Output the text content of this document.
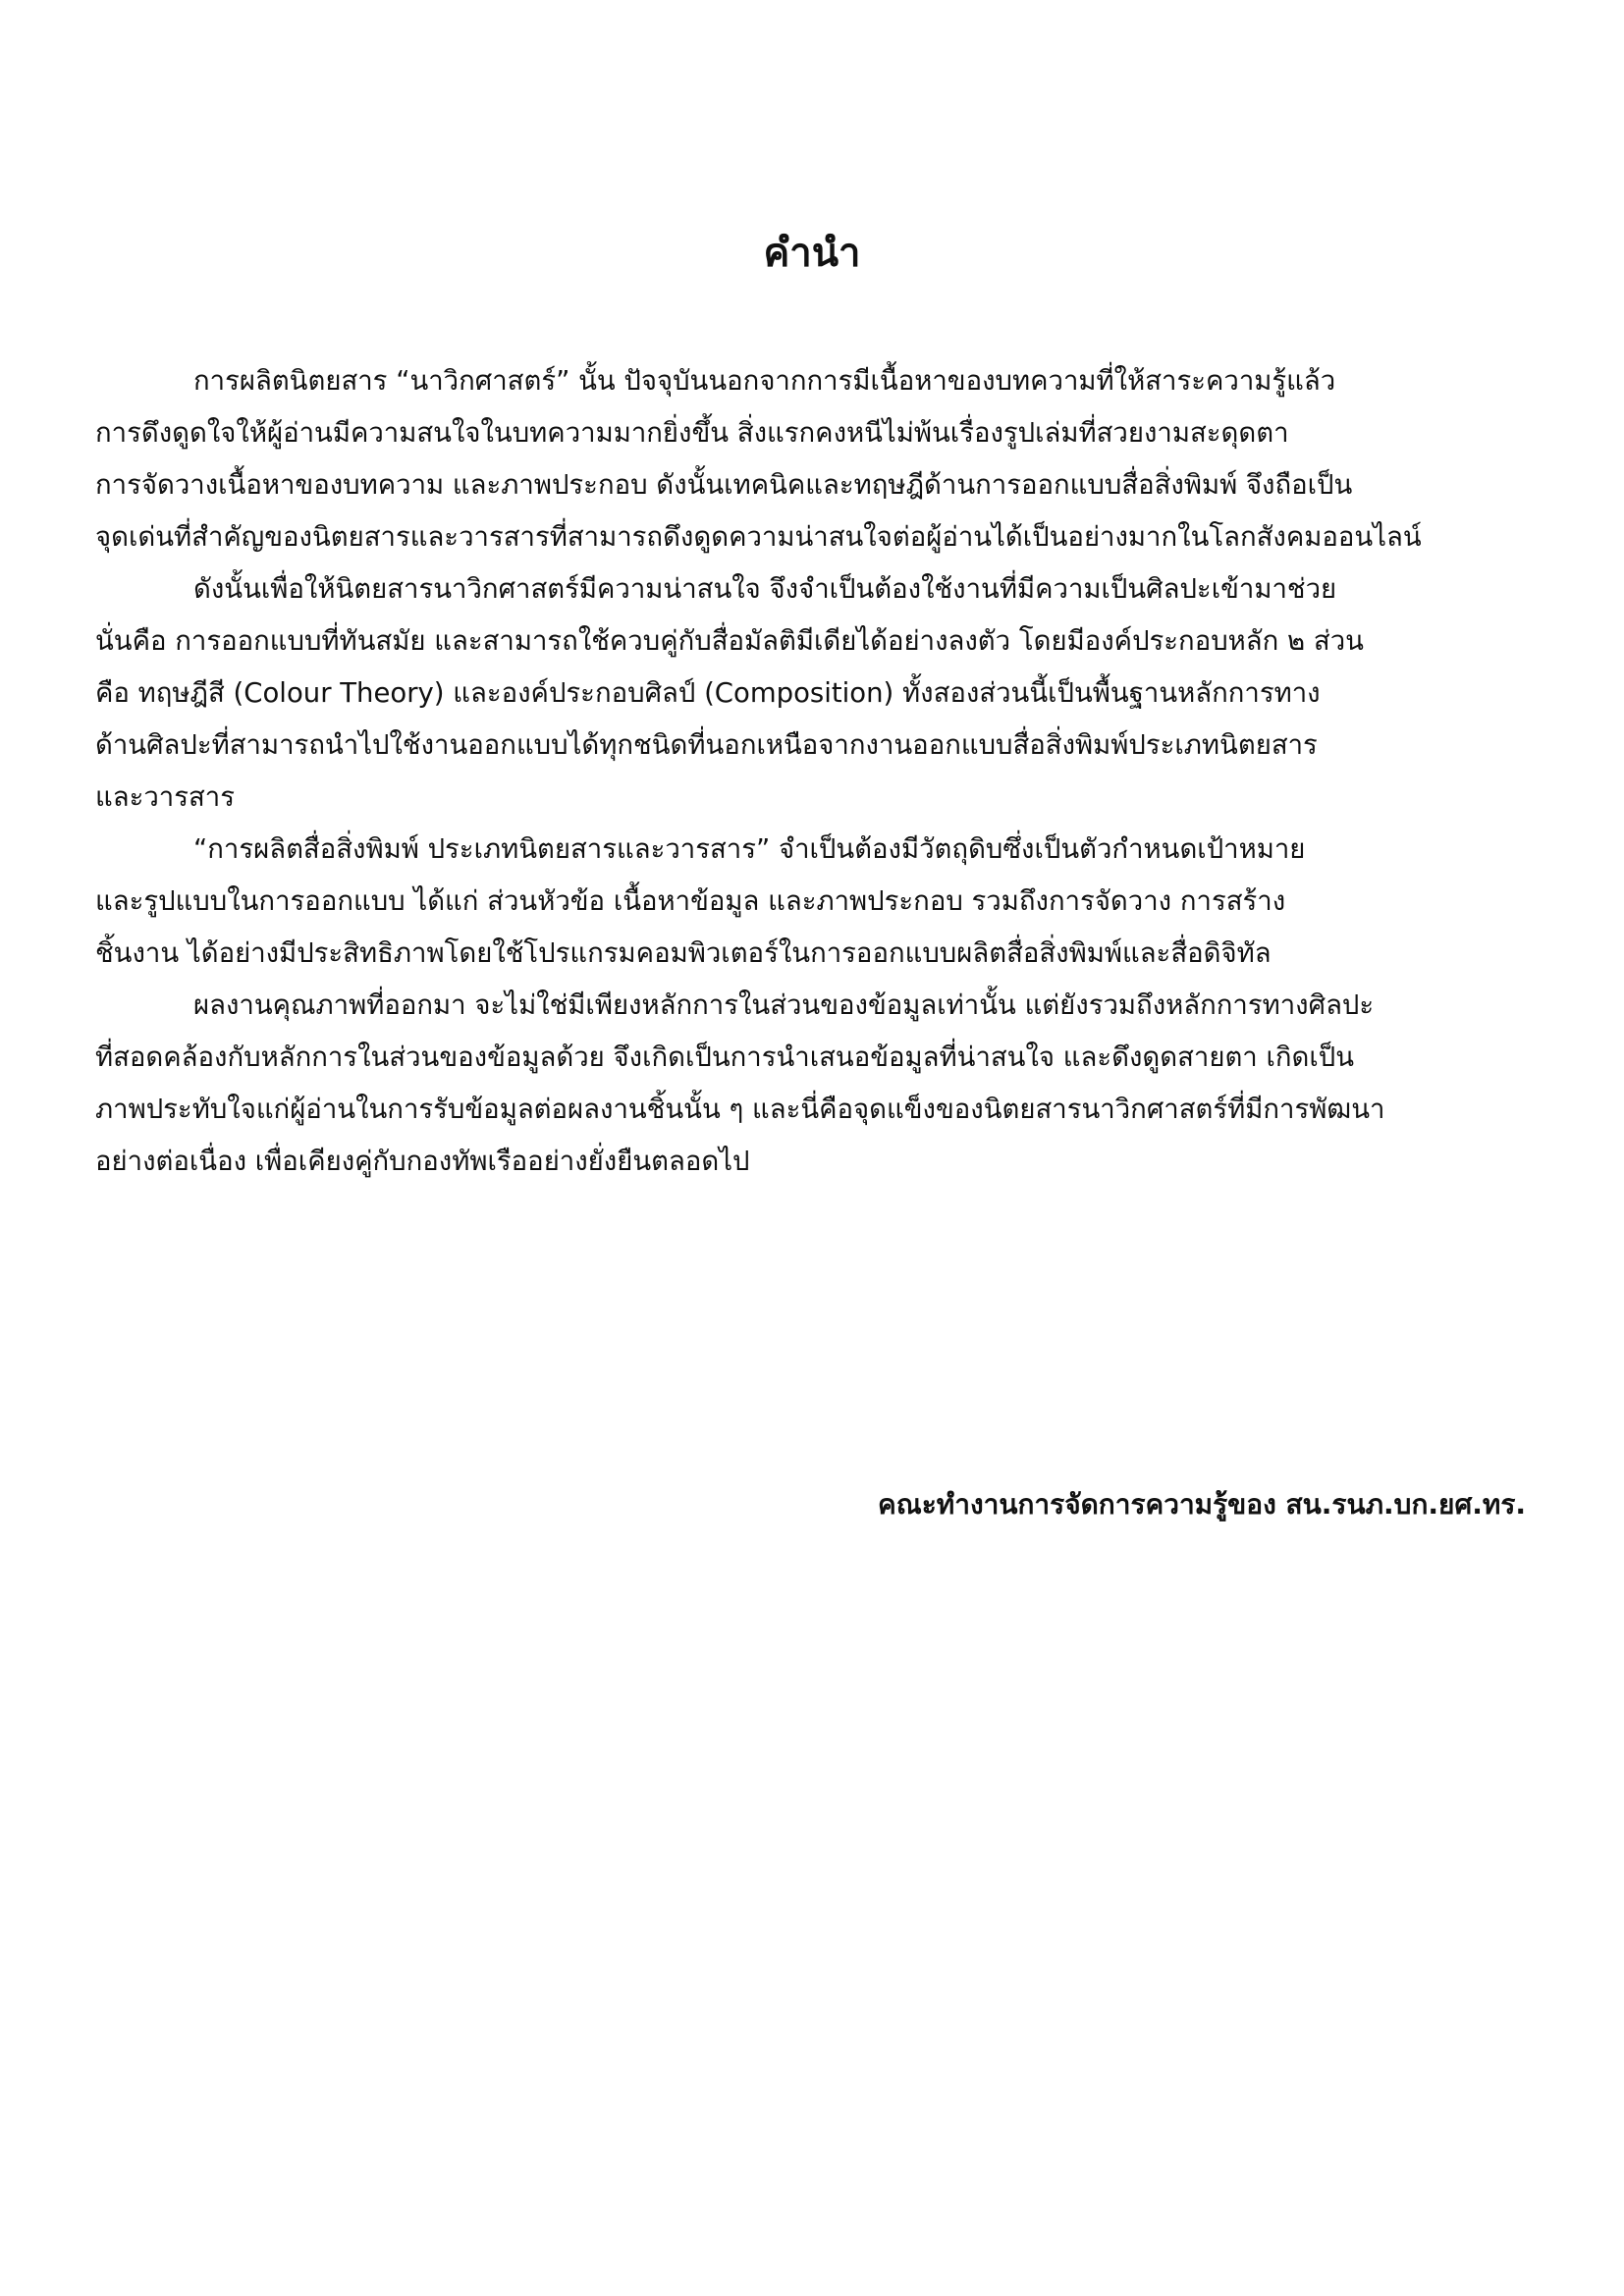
คำนำ
การผลิตนิตยสาร “นาวิกศาสตร์” นั้น ปัจจุบันนอกจากการมีเนื้อหาของบทความที่ให้สาระความรู้แล้ว
การดึงดูดใจให้ผู้อ่านมีความสนใจในบทความมากยิ่งขึ้น สิ่งแรกคงหนีไม่พ้นเรื่องรูปเล่มที่สวยงามสะดุดตา
การจัดวางเนื้อหาของบทความ และภาพประกอบ ดังนั้นเทคนิคและทฤษฎีด้านการออกแบบสื่อสิ่งพิมพ์ จึงถือเป็น
จุดเด่นที่สำคัญของนิตยสารและวารสารที่สามารถดึงดูดความน่าสนใจต่อผู้อ่านได้เป็นอย่างมากในโลกสังคมออนไลน์
ดังนั้นเพื่อให้นิตยสารนาวิกศาสตร์มีความน่าสนใจ จึงจำเป็นต้องใช้งานที่มีความเป็นศิลปะเข้ามาช่วย
นั่นคือ การออกแบบที่ทันสมัย และสามารถใช้ควบคู่กับสื่อมัลติมีเดียได้อย่างลงตัว โดยมีองค์ประกอบหลัก ๒ ส่วน
คือ ทฤษฎีสี (Colour Theory) และองค์ประกอบศิลป์ (Composition) ทั้งสองส่วนนี้เป็นพื้นฐานหลักการทาง
ด้านศิลปะที่สามารถนำไปใช้งานออกแบบได้ทุกชนิดที่นอกเหนือจากงานออกแบบสื่อสิ่งพิมพ์ประเภทนิตยสาร
และวารสาร
“การผลิตสื่อสิ่งพิมพ์ ประเภทนิตยสารและวารสาร” จำเป็นต้องมีวัตถุดิบซึ่งเป็นตัวกำหนดเป้าหมาย
และรูปแบบในการออกแบบ ได้แก่ ส่วนหัวข้อ เนื้อหาข้อมูล และภาพประกอบ รวมถึงการจัดวาง การสร้าง
ชิ้นงาน ได้อย่างมีประสิทธิภาพโดยใช้โปรแกรมคอมพิวเตอร์ในการออกแบบผลิตสื่อสิ่งพิมพ์และสื่อดิจิทัล
ผลงานคุณภาพที่ออกมา จะไม่ใช่มีเพียงหลักการในส่วนของข้อมูลเท่านั้น แต่ยังรวมถึงหลักการทางศิลปะ
ที่สอดคล้องกับหลักการในส่วนของข้อมูลด้วย จึงเกิดเป็นการนำเสนอข้อมูลที่น่าสนใจ และดึงดูดสายตา เกิดเป็น
ภาพประทับใจแก่ผู้อ่านในการรับข้อมูลต่อผลงานชิ้นนั้น ๆ และนี่คือจุดแข็งของนิตยสารนาวิกศาสตร์ที่มีการพัฒนา
อย่างต่อเนื่อง เพื่อเคียงคู่กับกองทัพเรืออย่างยั่งยืนตลอดไป
คณะทำงานการจัดการความรู้ของ สน.รนภ.บก.ยศ.ทร.
